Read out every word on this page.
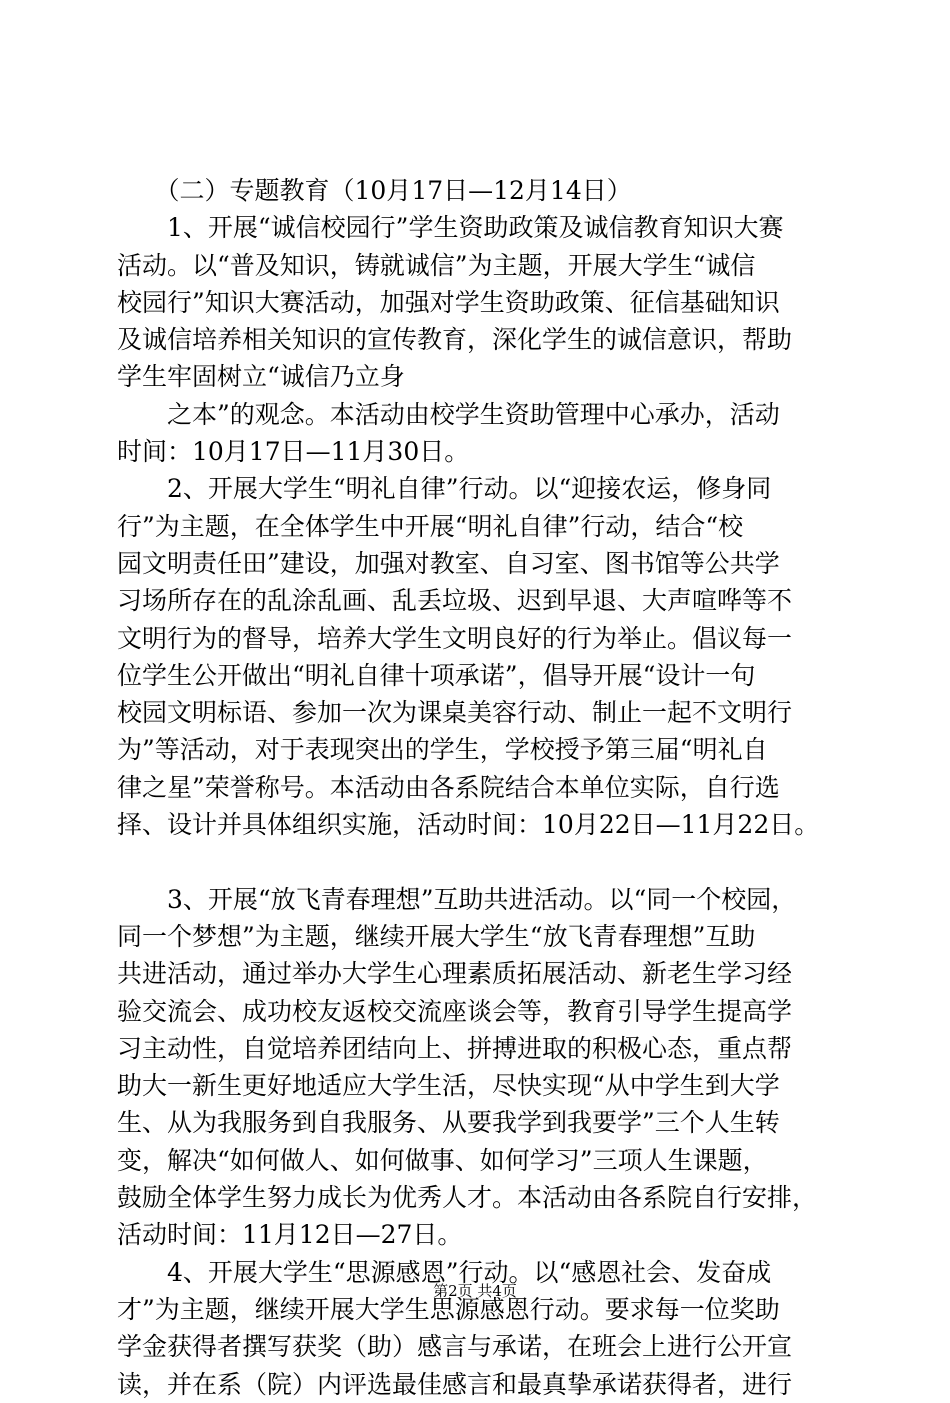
　　（二）专题教育（10月17日—12月14日）
　　1、开展“诚信校园行”学生资助政策及诚信教育知识大赛
活动。以“普及知识，铸就诚信”为主题，开展大学生“诚信
校园行”知识大赛活动，加强对学生资助政策、征信基础知识
及诚信培养相关知识的宣传教育，深化学生的诚信意识，帮助
学生牢固树立“诚信乃立身
　　之本”的观念。本活动由校学生资助管理中心承办，活动
时间：10月17日—11月30日。
　　2、开展大学生“明礼自律”行动。以“迎接农运，修身同
行”为主题，在全体学生中开展“明礼自律”行动，结合“校
园文明责任田”建设，加强对教室、自习室、图书馆等公共学
习场所存在的乱涂乱画、乱丢垃圾、迟到早退、大声喧哗等不
文明行为的督导，培养大学生文明良好的行为举止。倡议每一
位学生公开做出“明礼自律十项承诺”，倡导开展“设计一句
校园文明标语、参加一次为课桌美容行动、制止一起不文明行
为”等活动，对于表现突出的学生，学校授予第三届“明礼自
律之星”荣誉称号。本活动由各系院结合本单位实际，自行选
择、设计并具体组织实施，活动时间：10月22日—11月22日。
　　3、开展“放飞青春理想”互助共进活动。以“同一个校园，
同一个梦想”为主题，继续开展大学生“放飞青春理想”互助
共进活动，通过举办大学生心理素质拓展活动、新老生学习经
验交流会、成功校友返校交流座谈会等，教育引导学生提高学
习主动性，自觉培养团结向上、拼搏进取的积极心态，重点帮
助大一新生更好地适应大学生活，尽快实现“从中学生到大学
生、从为我服务到自我服务、从要我学到我要学”三个人生转
变，解决“如何做人、如何做事、如何学习”三项人生课题，
鼓励全体学生努力成长为优秀人才。本活动由各系院自行安排，
活动时间：11月12日—27日。
　　4、开展大学生“思源感恩”行动。以“感恩社会、发奋成
才”为主题，继续开展大学生思源感恩行动。要求每一位奖助
学金获得者撰写获奖（助）感言与承诺，在班会上进行公开宣
读，并在系（院）内评选最佳感言和最真挚承诺获得者，进行
第2页 共4页
